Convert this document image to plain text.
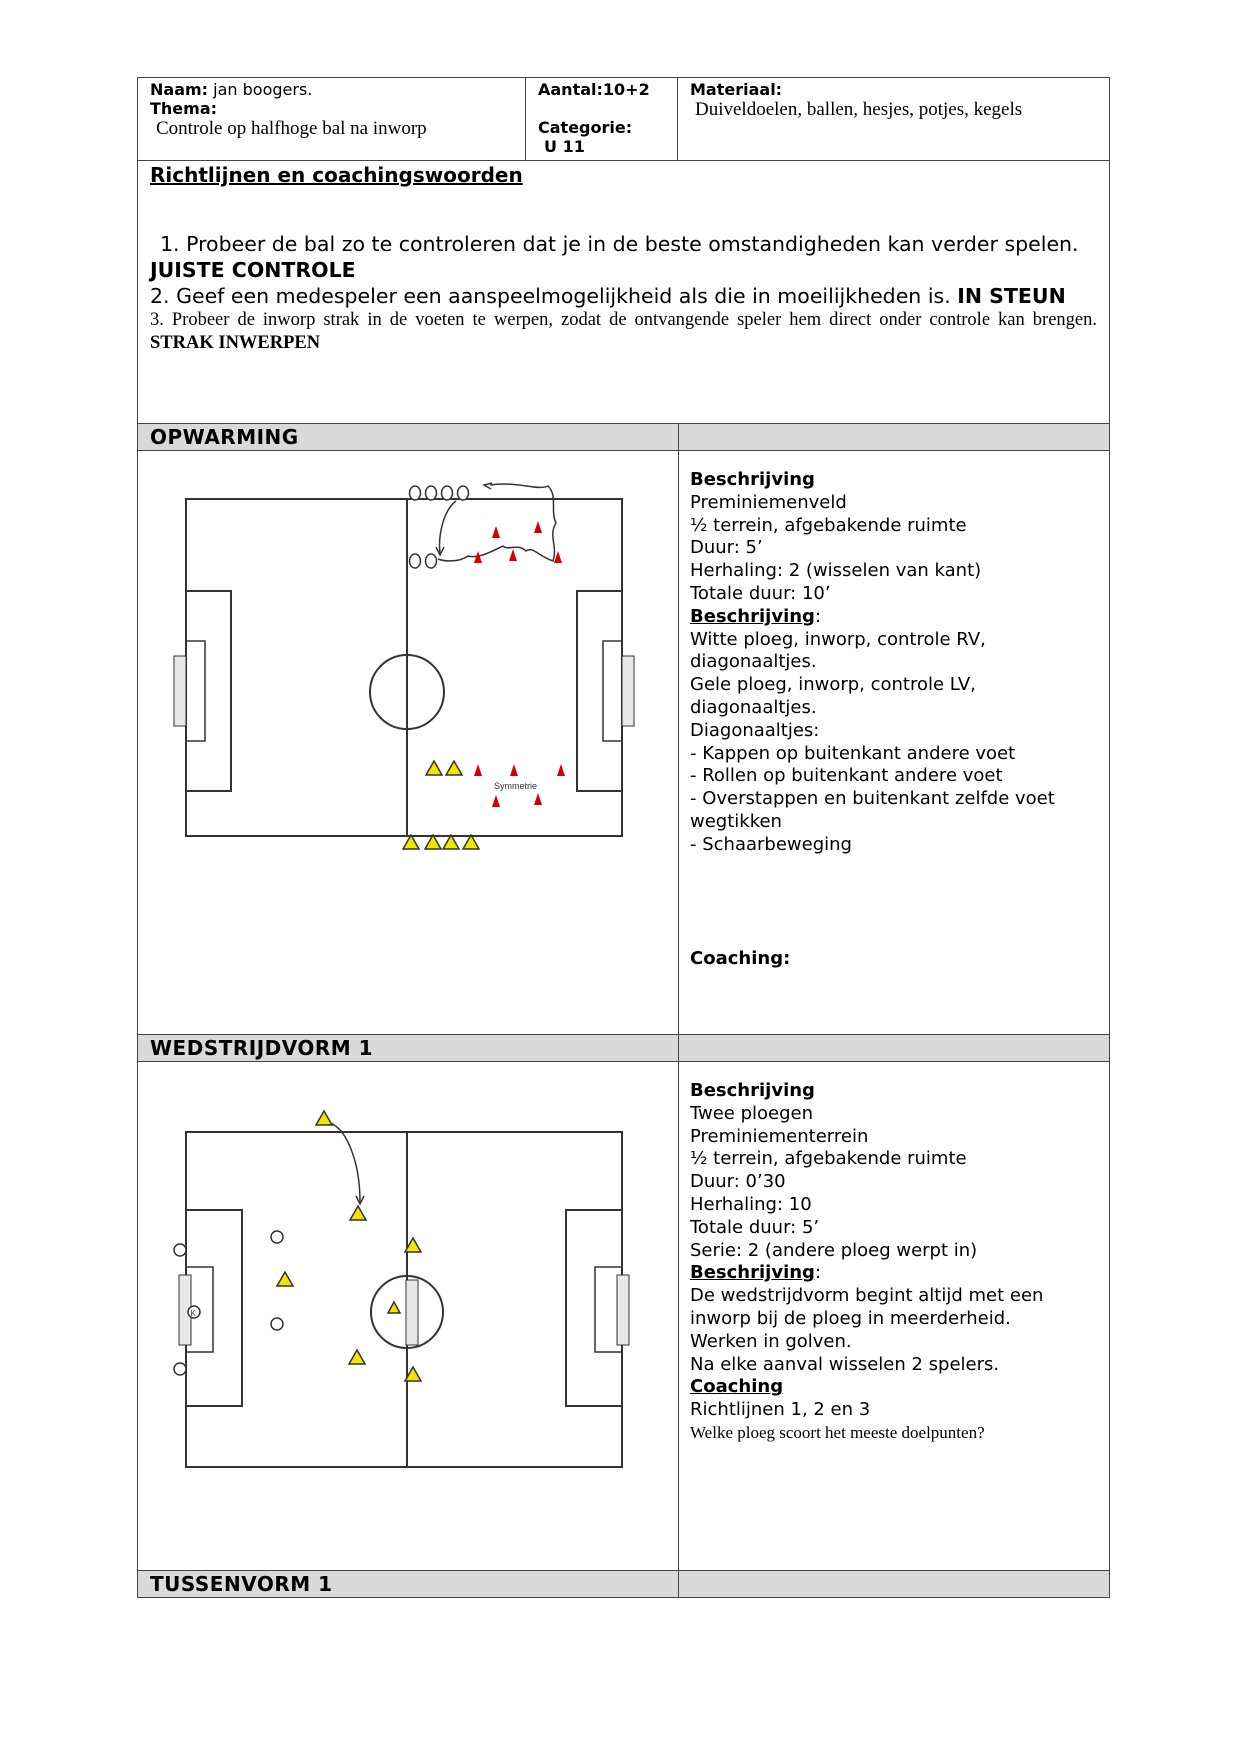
Naam: jan boogers.
Thema:
Controle op halfhoge bal na inworp
Aantal:10+2
Categorie:
U 11
Materiaal:
Duiveldoelen, ballen, hesjes, potjes, kegels
Richtlijnen en coachingswoorden
1. Probeer de bal zo te controleren dat je in de beste omstandigheden kan verder spelen. JUISTE CONTROLE
2. Geef een medespeler een aanspeelmogelijkheid als die in moeilijkheden is. IN STEUN
3. Probeer de inworp strak in de voeten te werpen, zodat de ontvangende speler hem direct onder controle kan brengen. STRAK INWERPEN
OPWARMING
Symmetrie
Beschrijving
Preminiemenveld
½ terrein, afgebakende ruimte
Duur: 5’
Herhaling: 2 (wisselen van kant)
Totale duur: 10’
Beschrijving:
Witte ploeg, inworp, controle RV, diagonaaltjes.
Gele ploeg, inworp, controle LV, diagonaaltjes.
Diagonaaltjes:
- Kappen op buitenkant andere voet
- Rollen op buitenkant andere voet
- Overstappen en buitenkant zelfde voet wegtikken
- Schaarbeweging
Coaching:
WEDSTRIJDVORM 1
K
Beschrijving
Twee ploegen
Preminiementerrein
½ terrein, afgebakende ruimte
Duur: 0’30
Herhaling: 10
Totale duur: 5’
Serie: 2 (andere ploeg werpt in)
Beschrijving:
De wedstrijdvorm begint altijd met een inworp bij de ploeg in meerderheid.
Werken in golven.
Na elke aanval wisselen 2 spelers.
Coaching
Richtlijnen 1, 2 en 3
Welke ploeg scoort het meeste doelpunten?
TUSSENVORM 1
